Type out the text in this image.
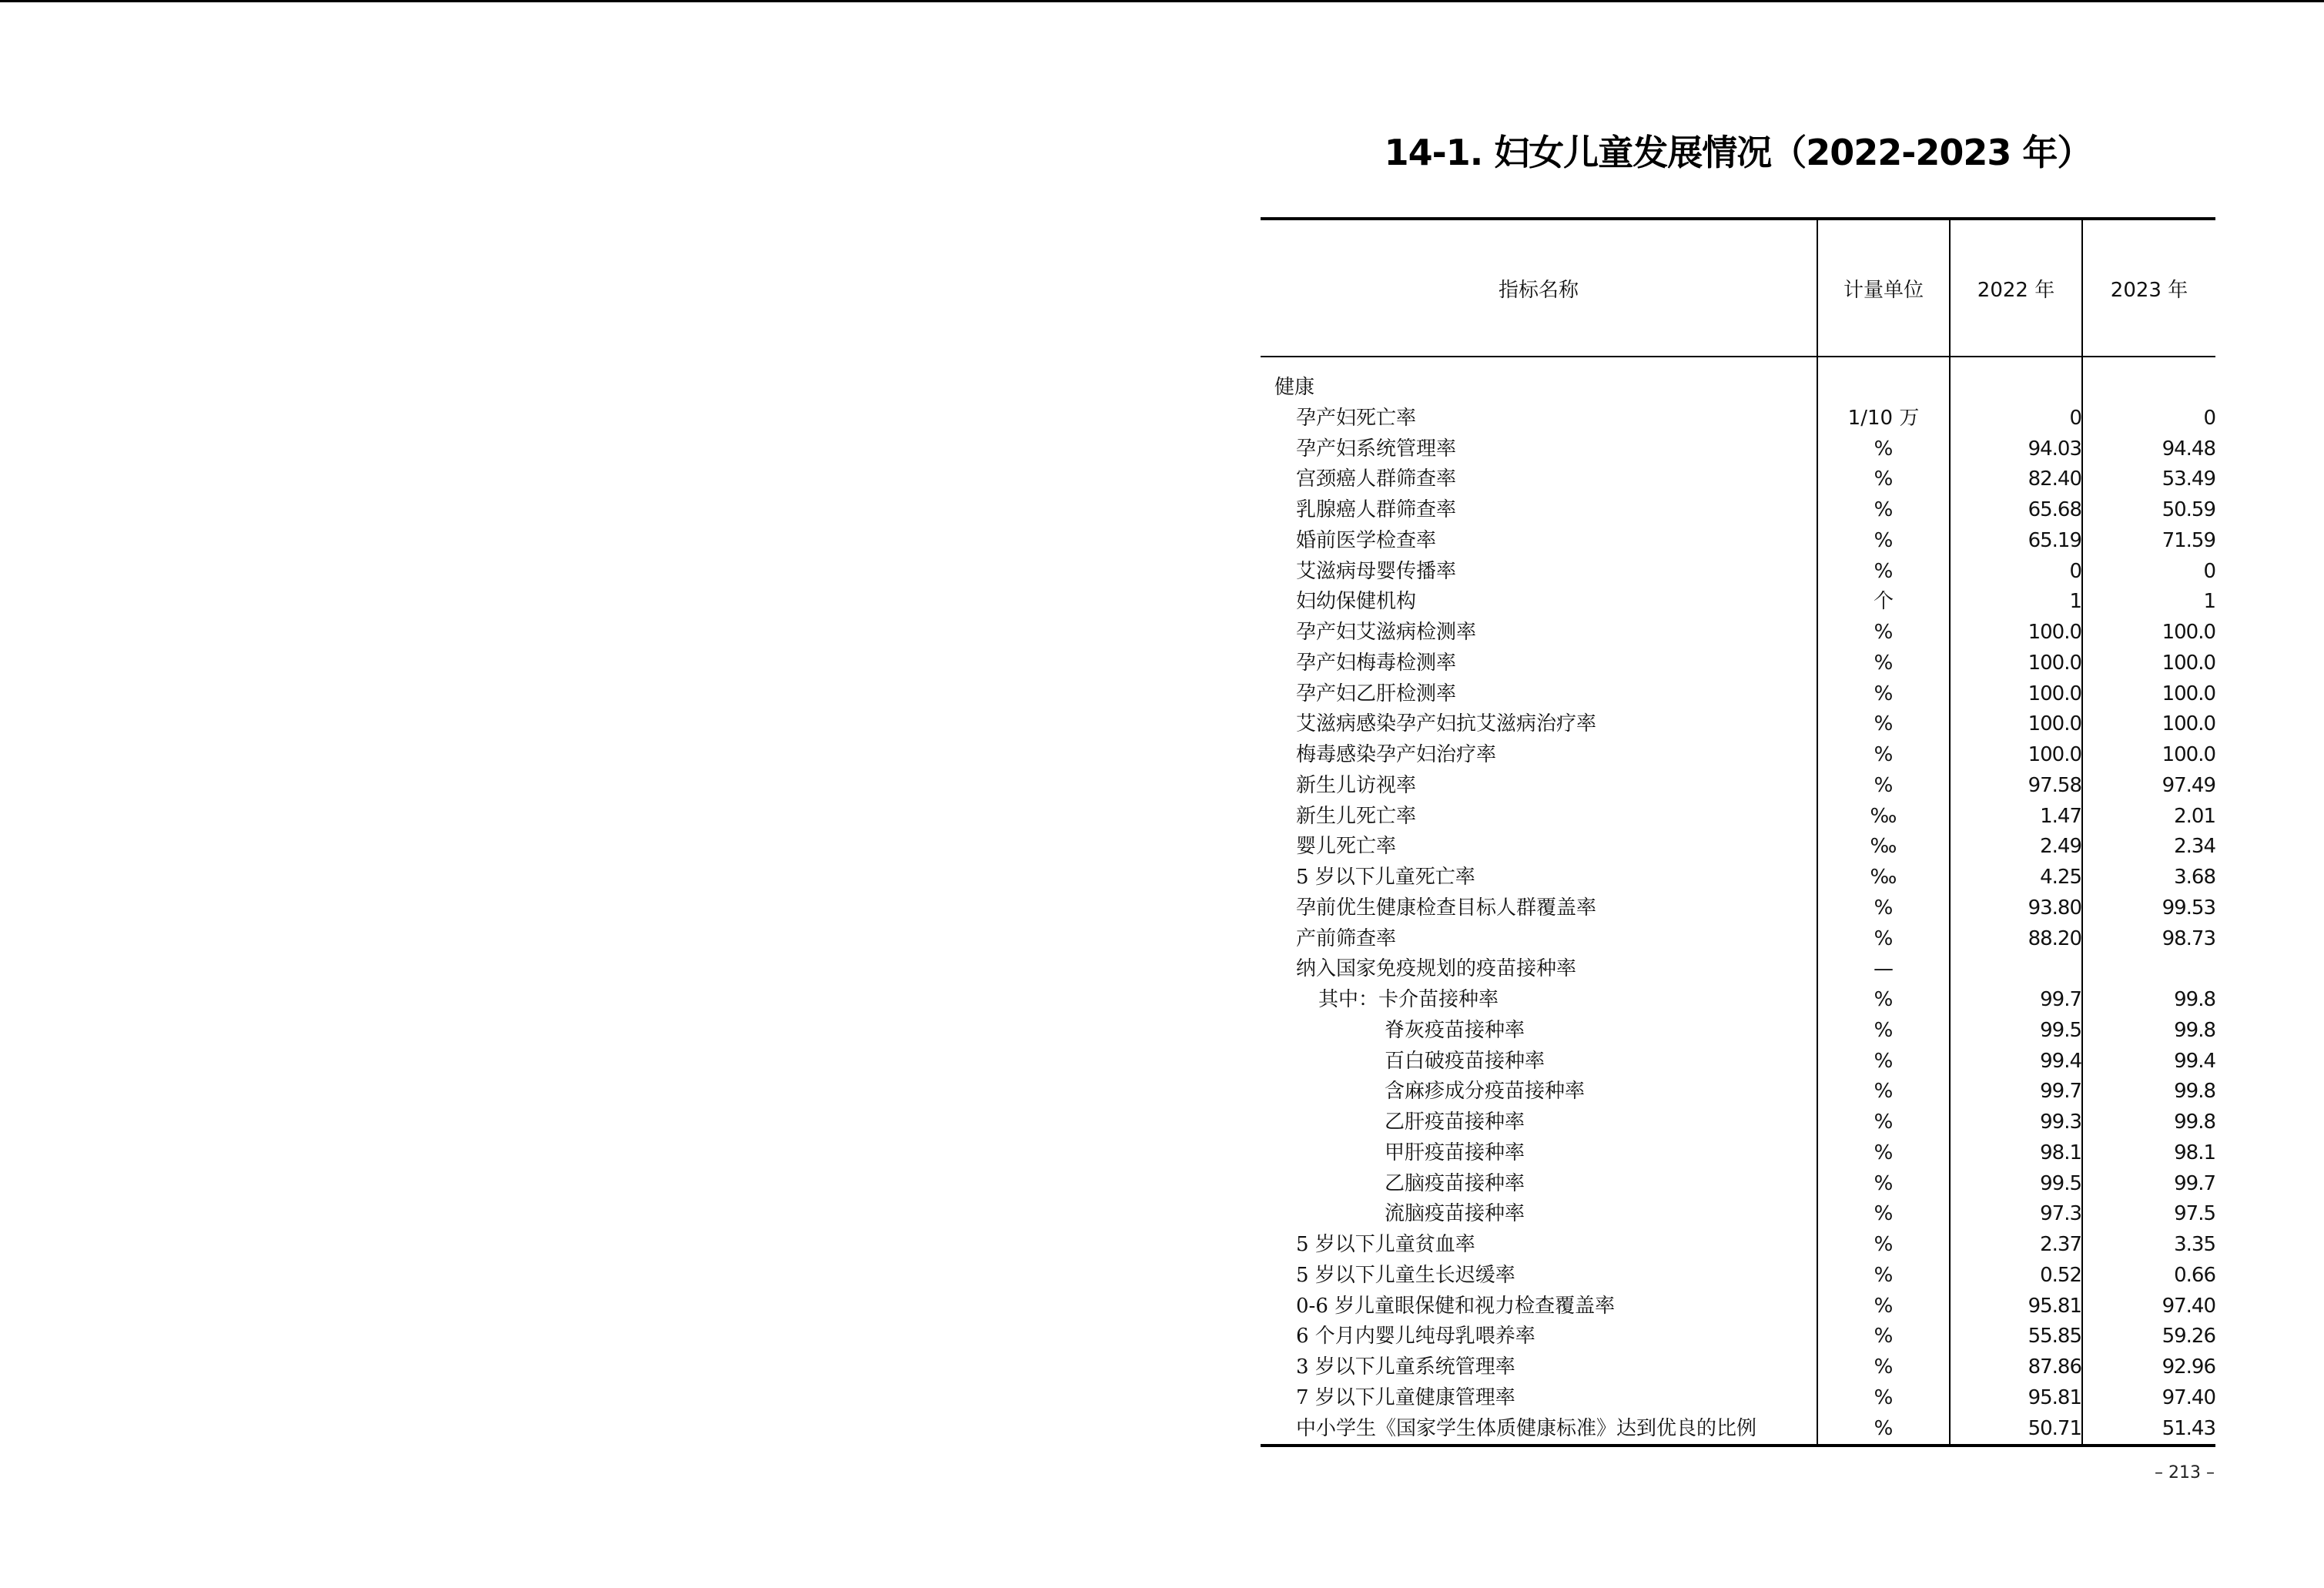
14-1. 妇女儿童发展情况（2022-2023 年）
指标名称	计量单位	2022 年	2023 年

健康			
孕产妇死亡率	1/10 万	0	0
孕产妇系统管理率	%	94.03	94.48
宫颈癌人群筛查率	%	82.40	53.49
乳腺癌人群筛查率	%	65.68	50.59
婚前医学检查率	%	65.19	71.59
艾滋病母婴传播率	%	0	0
妇幼保健机构	个	1	1
孕产妇艾滋病检测率	%	100.0	100.0
孕产妇梅毒检测率	%	100.0	100.0
孕产妇乙肝检测率	%	100.0	100.0
艾滋病感染孕产妇抗艾滋病治疗率	%	100.0	100.0
梅毒感染孕产妇治疗率	%	100.0	100.0
新生儿访视率	%	97.58	97.49
新生儿死亡率	‰	1.47	2.01
婴儿死亡率	‰	2.49	2.34
5 岁以下儿童死亡率	‰	4.25	3.68
孕前优生健康检查目标人群覆盖率	%	93.80	99.53
产前筛查率	%	88.20	98.73
纳入国家免疫规划的疫苗接种率	—		
其中：卡介苗接种率	%	99.7	99.8
脊灰疫苗接种率	%	99.5	99.8
百白破疫苗接种率	%	99.4	99.4
含麻疹成分疫苗接种率	%	99.7	99.8
乙肝疫苗接种率	%	99.3	99.8
甲肝疫苗接种率	%	98.1	98.1
乙脑疫苗接种率	%	99.5	99.7
流脑疫苗接种率	%	97.3	97.5
5 岁以下儿童贫血率	%	2.37	3.35
5 岁以下儿童生长迟缓率	%	0.52	0.66
0-6 岁儿童眼保健和视力检查覆盖率	%	95.81	97.40
6 个月内婴儿纯母乳喂养率	%	55.85	59.26
3 岁以下儿童系统管理率	%	87.86	92.96
7 岁以下儿童健康管理率	%	95.81	97.40
中小学生《国家学生体质健康标准》达到优良的比例	%	50.71	51.43
– 213 –
